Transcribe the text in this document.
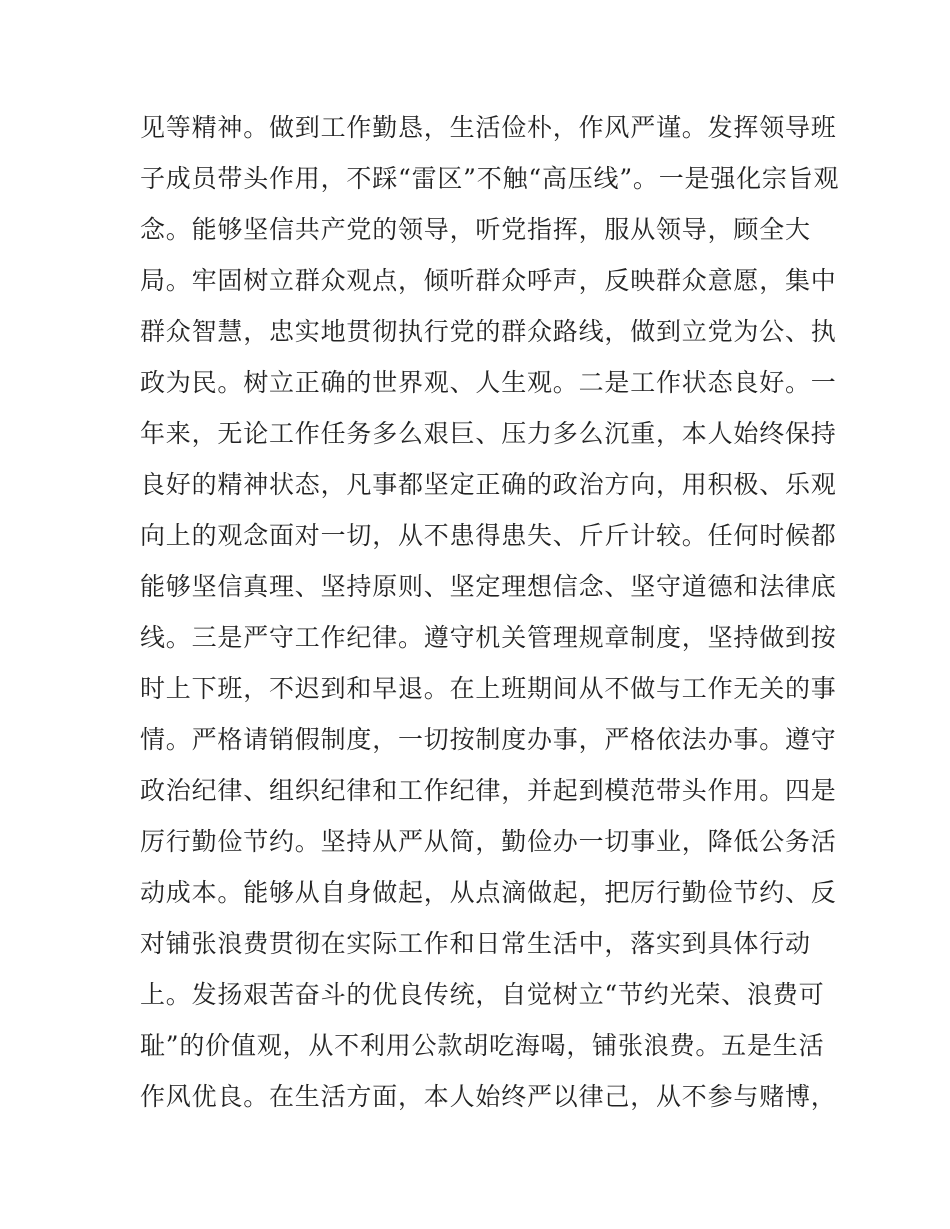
见等精神。做到工作勤恳，生活俭朴，作风严谨。发挥领导班
子成员带头作用，不踩“雷区”不触“高压线”。一是强化宗旨观
念。能够坚信共产党的领导，听党指挥，服从领导，顾全大
局。牢固树立群众观点，倾听群众呼声，反映群众意愿，集中
群众智慧，忠实地贯彻执行党的群众路线，做到立党为公、执
政为民。树立正确的世界观、人生观。二是工作状态良好。一
年来，无论工作任务多么艰巨、压力多么沉重，本人始终保持
良好的精神状态，凡事都坚定正确的政治方向，用积极、乐观
向上的观念面对一切，从不患得患失、斤斤计较。任何时候都
能够坚信真理、坚持原则、坚定理想信念、坚守道德和法律底
线。三是严守工作纪律。遵守机关管理规章制度，坚持做到按
时上下班，不迟到和早退。在上班期间从不做与工作无关的事
情。严格请销假制度，一切按制度办事，严格依法办事。遵守
政治纪律、组织纪律和工作纪律，并起到模范带头作用。四是
厉行勤俭节约。坚持从严从简，勤俭办一切事业，降低公务活
动成本。能够从自身做起，从点滴做起，把厉行勤俭节约、反
对铺张浪费贯彻在实际工作和日常生活中，落实到具体行动
上。发扬艰苦奋斗的优良传统，自觉树立“节约光荣、浪费可
耻”的价值观，从不利用公款胡吃海喝，铺张浪费。五是生活
作风优良。在生活方面，本人始终严以律己，从不参与赌博，
